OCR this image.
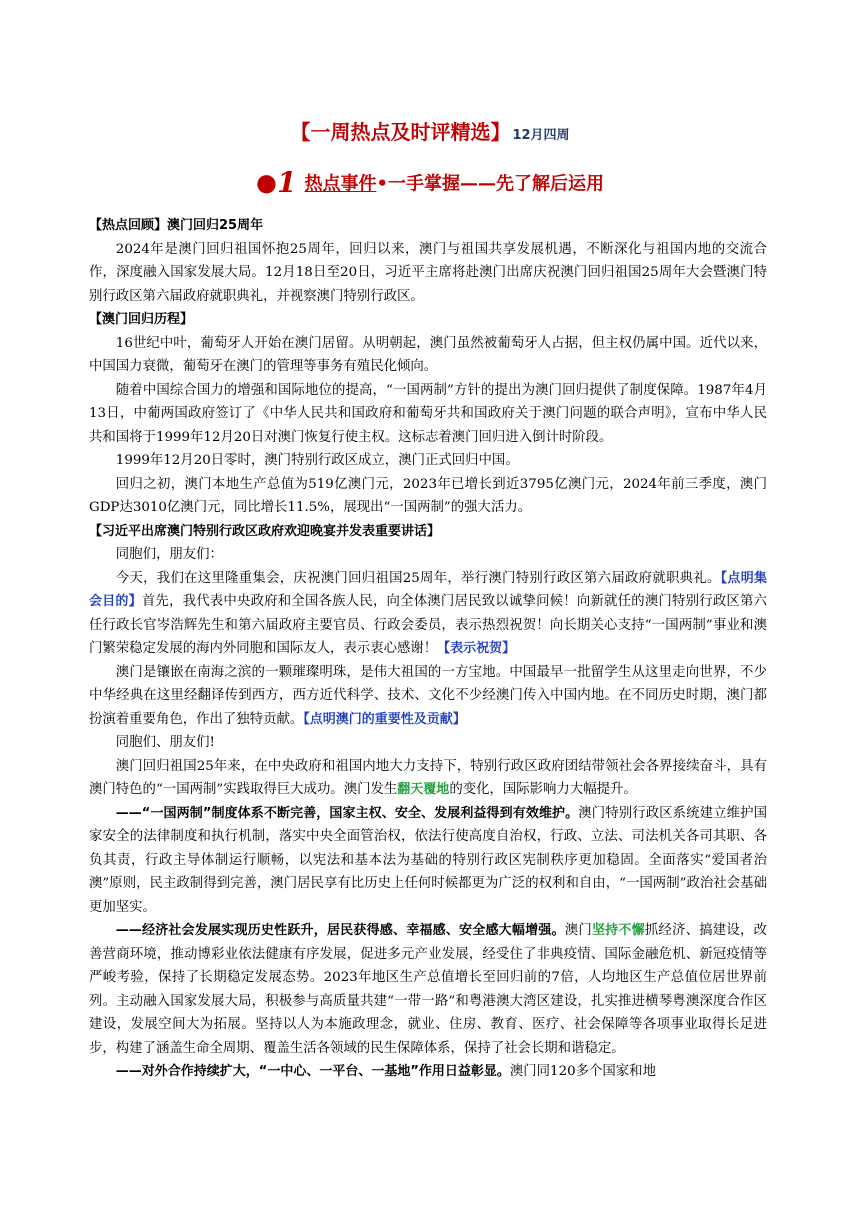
【一周热点及时评精选】 12月四周
●1 热点事件•一手掌握——先了解后运用

【热点回顾】澳门回归25周年

2024年是澳门回归祖国怀抱25周年，回归以来，澳门与祖国共享发展机遇，不断深化与祖国内地的交流合作，深度融入国家发展大局。12月18日至20日，习近平主席将赴澳门出席庆祝澳门回归祖国25周年大会暨澳门特别行政区第六届政府就职典礼，并视察澳门特别行政区。

【澳门回归历程】

16世纪中叶，葡萄牙人开始在澳门居留。从明朝起，澳门虽然被葡萄牙人占据，但主权仍属中国。近代以来，中国国力衰微，葡萄牙在澳门的管理等事务有殖民化倾向。

随着中国综合国力的增强和国际地位的提高，“一国两制”方针的提出为澳门回归提供了制度保障。1987年4月13日，中葡两国政府签订了《中华人民共和国政府和葡萄牙共和国政府关于澳门问题的联合声明》，宣布中华人民共和国将于1999年12月20日对澳门恢复行使主权。这标志着澳门回归进入倒计时阶段。

1999年12月20日零时，澳门特别行政区成立，澳门正式回归中国。

回归之初，澳门本地生产总值为519亿澳门元，2023年已增长到近3795亿澳门元，2024年前三季度，澳门GDP达3010亿澳门元，同比增长11.5%，展现出“一国两制”的强大活力。

【习近平出席澳门特别行政区政府欢迎晚宴并发表重要讲话】

同胞们，朋友们：

今天，我们在这里隆重集会，庆祝澳门回归祖国25周年，举行澳门特别行政区第六届政府就职典礼。【点明集会目的】首先，我代表中央政府和全国各族人民，向全体澳门居民致以诚挚问候！向新就任的澳门特别行政区第六任行政长官岑浩辉先生和第六届政府主要官员、行政会委员，表示热烈祝贺！向长期关心支持“一国两制”事业和澳门繁荣稳定发展的海内外同胞和国际友人，表示衷心感谢！【表示祝贺】

澳门是镶嵌在南海之滨的一颗璀璨明珠，是伟大祖国的一方宝地。中国最早一批留学生从这里走向世界，不少中华经典在这里经翻译传到西方，西方近代科学、技术、文化不少经澳门传入中国内地。在不同历史时期，澳门都扮演着重要角色，作出了独特贡献。【点明澳门的重要性及贡献】

同胞们、朋友们!

澳门回归祖国25年来，在中央政府和祖国内地大力支持下，特别行政区政府团结带领社会各界接续奋斗，具有澳门特色的“一国两制”实践取得巨大成功。澳门发生翻天覆地的变化，国际影响力大幅提升。

——“一国两制”制度体系不断完善，国家主权、安全、发展利益得到有效维护。澳门特别行政区系统建立维护国家安全的法律制度和执行机制，落实中央全面管治权，依法行使高度自治权，行政、立法、司法机关各司其职、各负其责，行政主导体制运行顺畅，以宪法和基本法为基础的特别行政区宪制秩序更加稳固。全面落实“爱国者治澳”原则，民主政制得到完善，澳门居民享有比历史上任何时候都更为广泛的权利和自由，“一国两制”政治社会基础更加坚实。

——经济社会发展实现历史性跃升，居民获得感、幸福感、安全感大幅增强。澳门坚持不懈抓经济、搞建设，改善营商环境，推动博彩业依法健康有序发展，促进多元产业发展，经受住了非典疫情、国际金融危机、新冠疫情等严峻考验，保持了长期稳定发展态势。2023年地区生产总值增长至回归前的7倍，人均地区生产总值位居世界前列。主动融入国家发展大局，积极参与高质量共建“一带一路”和粤港澳大湾区建设，扎实推进横琴粤澳深度合作区建设，发展空间大为拓展。坚持以人为本施政理念，就业、住房、教育、医疗、社会保障等各项事业取得长足进步，构建了涵盖生命全周期、覆盖生活各领域的民生保障体系，保持了社会长期和谐稳定。

——对外合作持续扩大，“一中心、一平台、一基地”作用日益彰显。澳门同120多个国家和地
